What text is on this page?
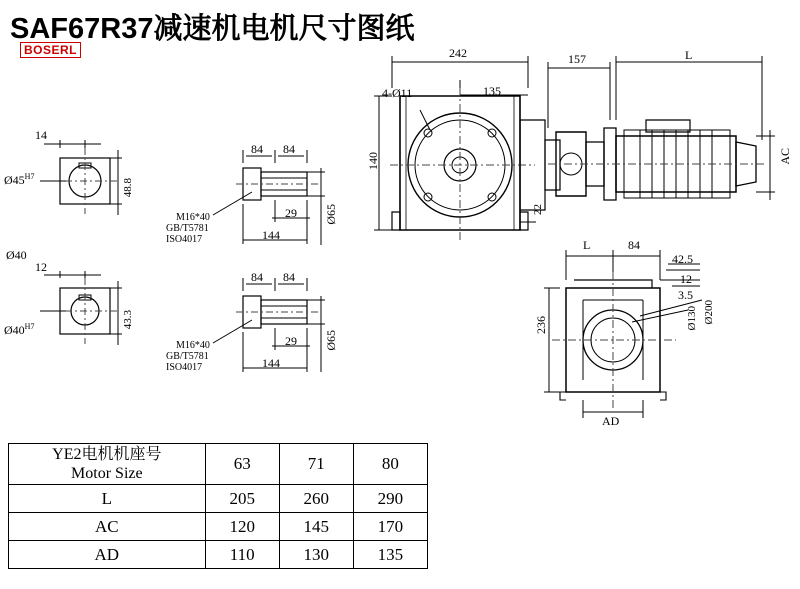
SAF67R37减速机电机尺寸图纸
BOSERL
14
$Ø45^{H7}$
48.8
Ø40
12
$Ø40^{H7}$	43.3
84 84
29
144
Ø65
M16*40
GB/T5781
ISO4017
84 84
29
144
Ø65
M16*40
GB/T5781
ISO4017
242
135
4-Ø11
140
22
157	L
AC
L	84
42.5
12
3.5
236	Ø130 Ø200
AD
YE2电机机座号
Motor Size	63	71	80
L	205	260	290
AC	120	145	170
AD	110	130	135
